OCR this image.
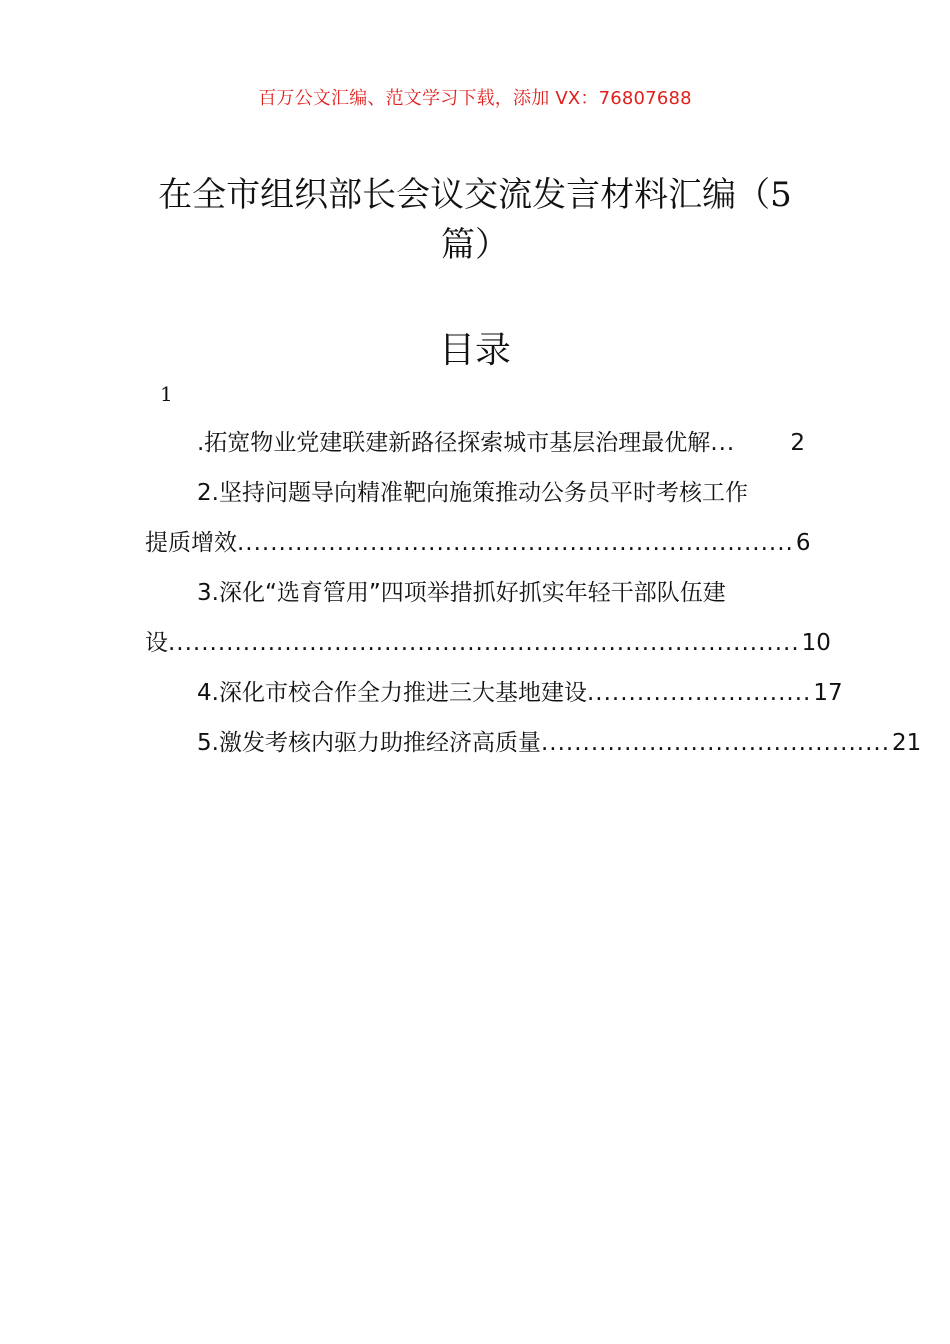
百万公文汇编、范文学习下载，添加 VX：76807688
在全市组织部长会议交流发言材料汇编（5
篇）
目录
1
.拓宽物业党建联建新路径探索城市基层治理最优解 ...	2
2.坚持问题导向精准靶向施策推动公务员平时考核工作
提质增效 ................................................................... 6
3.深化“选育管用”四项举措抓好抓实年轻干部队伍建
设 ............................................................................ 10
4.深化市校合作全力推进三大基地建设 ........................... 17
5.激发考核内驱力助推经济高质量 .......................................... 21
